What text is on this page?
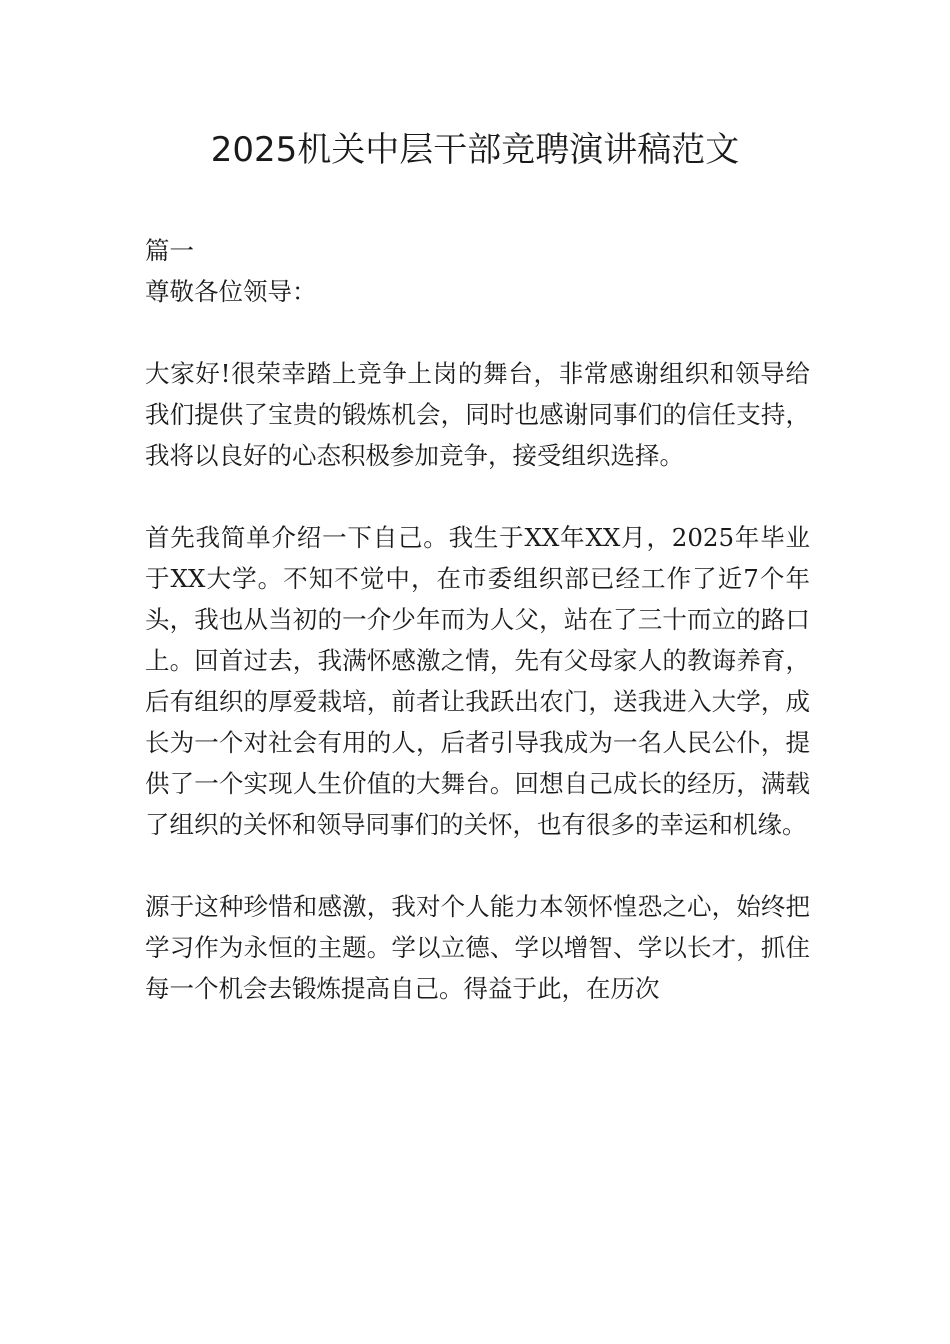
2025机关中层干部竞聘演讲稿范文

篇一

尊敬各位领导：

大家好!很荣幸踏上竞争上岗的舞台，非常感谢组织和领导给我们提供了宝贵的锻炼机会，同时也感谢同事们的信任支持，我将以良好的心态积极参加竞争，接受组织选择。

首先我简单介绍一下自己。我生于XX年XX月，2025年毕业于XX大学。不知不觉中，在市委组织部已经工作了近7个年头，我也从当初的一介少年而为人父，站在了三十而立的路口上。回首过去，我满怀感激之情，先有父母家人的教诲养育，后有组织的厚爱栽培，前者让我跃出农门，送我进入大学，成长为一个对社会有用的人，后者引导我成为一名人民公仆，提供了一个实现人生价值的大舞台。回想自己成长的经历，满载了组织的关怀和领导同事们的关怀，也有很多的幸运和机缘。

源于这种珍惜和感激，我对个人能力本领怀惶恐之心，始终把学习作为永恒的主题。学以立德、学以增智、学以长才，抓住每一个机会去锻炼提高自己。得益于此，在历次
